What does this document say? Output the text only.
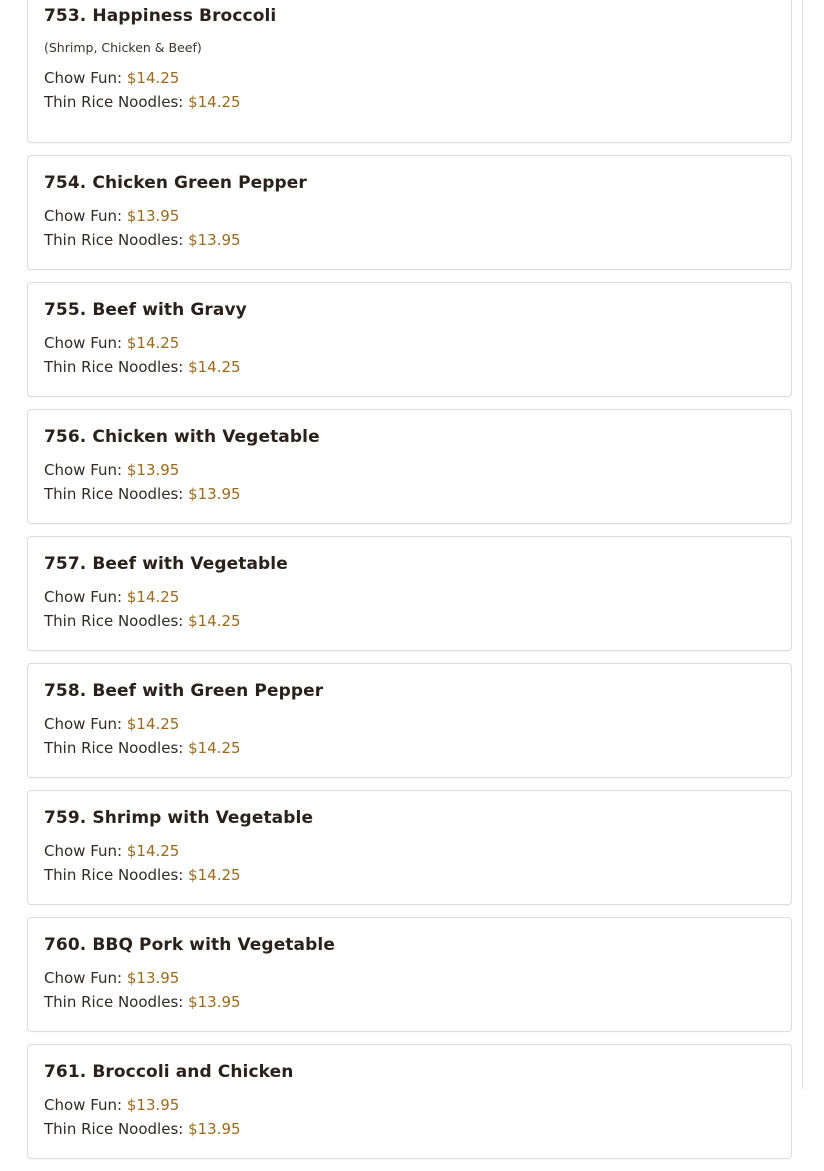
753. Happiness Broccoli
(Shrimp, Chicken & Beef)
Chow Fun: $14.25
Thin Rice Noodles: $14.25
754. Chicken Green Pepper
Chow Fun: $13.95
Thin Rice Noodles: $13.95
755. Beef with Gravy
Chow Fun: $14.25
Thin Rice Noodles: $14.25
756. Chicken with Vegetable
Chow Fun: $13.95
Thin Rice Noodles: $13.95
757. Beef with Vegetable
Chow Fun: $14.25
Thin Rice Noodles: $14.25
758. Beef with Green Pepper
Chow Fun: $14.25
Thin Rice Noodles: $14.25
759. Shrimp with Vegetable
Chow Fun: $14.25
Thin Rice Noodles: $14.25
760. BBQ Pork with Vegetable
Chow Fun: $13.95
Thin Rice Noodles: $13.95
761. Broccoli and Chicken
Chow Fun: $13.95
Thin Rice Noodles: $13.95
